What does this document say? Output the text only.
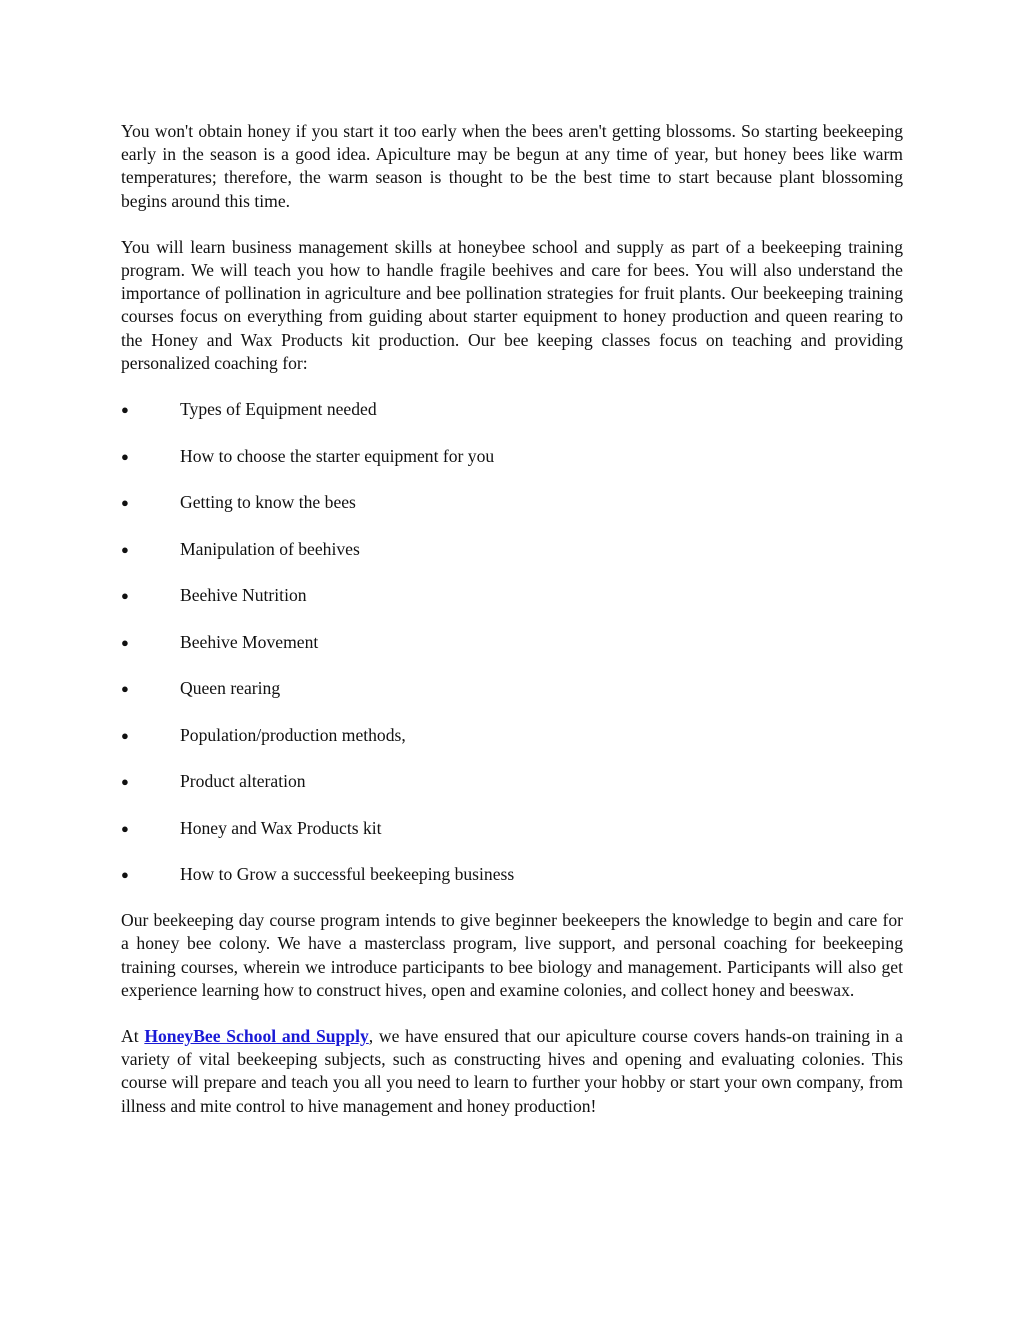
You won't obtain honey if you start it too early when the bees aren't getting blossoms. So starting beekeeping early in the season is a good idea. Apiculture may be begun at any time of year, but honey bees like warm temperatures; therefore, the warm season is thought to be the best time to start because plant blossoming begins around this time.

You will learn business management skills at honeybee school and supply as part of a beekeeping training program. We will teach you how to handle fragile beehives and care for bees. You will also understand the importance of pollination in agriculture and bee pollination strategies for fruit plants. Our beekeeping training courses focus on everything from guiding about starter equipment to honey production and queen rearing to the Honey and Wax Products kit production. Our bee keeping classes focus on teaching and providing personalized coaching for:

●	Types of Equipment needed
●	How to choose the starter equipment for you
●	Getting to know the bees
●	Manipulation of beehives
●	Beehive Nutrition
●	Beehive Movement
●	Queen rearing
●	Population/production methods,
●	Product alteration
●	Honey and Wax Products kit
●	How to Grow a successful beekeeping business

Our beekeeping day course program intends to give beginner beekeepers the knowledge to begin and care for a honey bee colony. We have a masterclass program, live support, and personal coaching for beekeeping training courses, wherein we introduce participants to bee biology and management. Participants will also get experience learning how to construct hives, open and examine colonies, and collect honey and beeswax.

At HoneyBee School and Supply, we have ensured that our apiculture course covers hands-on training in a variety of vital beekeeping subjects, such as constructing hives and opening and evaluating colonies. This course will prepare and teach you all you need to learn to further your hobby or start your own company, from illness and mite control to hive management and honey production!
